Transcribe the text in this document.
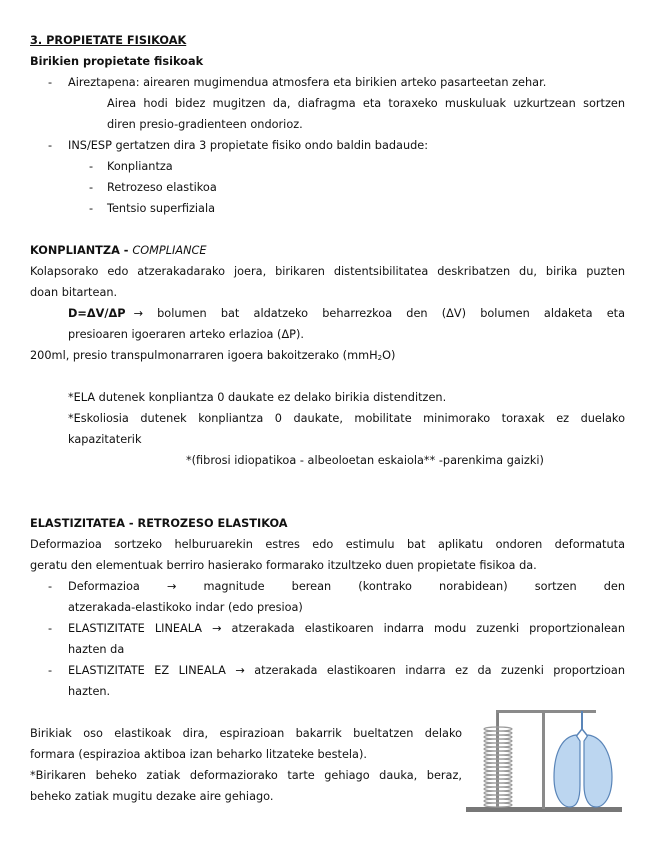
3. PROPIETATE FISIKOAK
Birikien propietate fisikoak
- Aireztapena: airearen mugimendua atmosfera eta birikien arteko pasarteetan zehar.
Airea hodi bidez mugitzen da, diafragma eta toraxeko muskuluak uzkurtzean sortzen
diren presio-gradienteen ondorioz.
- INS/ESP gertatzen dira 3 propietate fisiko ondo baldin badaude:
- Konpliantza
- Retrozeso elastikoa
- Tentsio superfiziala
KONPLIANTZA - COMPLIANCE
Kolapsorako edo atzerakadarako joera, birikaren distentsibilitatea deskribatzen du, birika puzten
doan bitartean.
D=ΔV/ΔP → bolumen bat aldatzeko beharrezkoa den (ΔV) bolumen aldaketa eta
presioaren igoeraren arteko erlazioa (ΔP).
200ml, presio transpulmonarraren igoera bakoitzerako (mmH$_2$O)
*ELA dutenek konpliantza 0 daukate ez delako birikia distenditzen.
*Eskoliosia dutenek konpliantza 0 daukate, mobilitate minimorako toraxak ez duelako
kapazitaterik
*(fibrosi idiopatikoa - albeoloetan eskaiola** -parenkima gaizki)
ELASTIZITATEA - RETROZESO ELASTIKOA
Deformazioa sortzeko helburuarekin estres edo estimulu bat aplikatu ondoren deformatuta
geratu den elementuak berriro hasierako formarako itzultzeko duen propietate fisikoa da.
- Deformazioa → magnitude berean (kontrako norabidean) sortzen den
atzerakada-elastikoko indar (edo presioa)
- ELASTIZITATE LINEALA → atzerakada elastikoaren indarra modu zuzenki proportzionalean
hazten da
- ELASTIZITATE EZ LINEALA → atzerakada elastikoaren indarra ez da zuzenki proportzioan
hazten.
Birikiak oso elastikoak dira, espirazioan bakarrik bueltatzen delako
formara (espirazioa aktiboa izan beharko litzateke bestela).
*Birikaren beheko zatiak deformaziorako tarte gehiago dauka, beraz,
beheko zatiak mugitu dezake aire gehiago.
